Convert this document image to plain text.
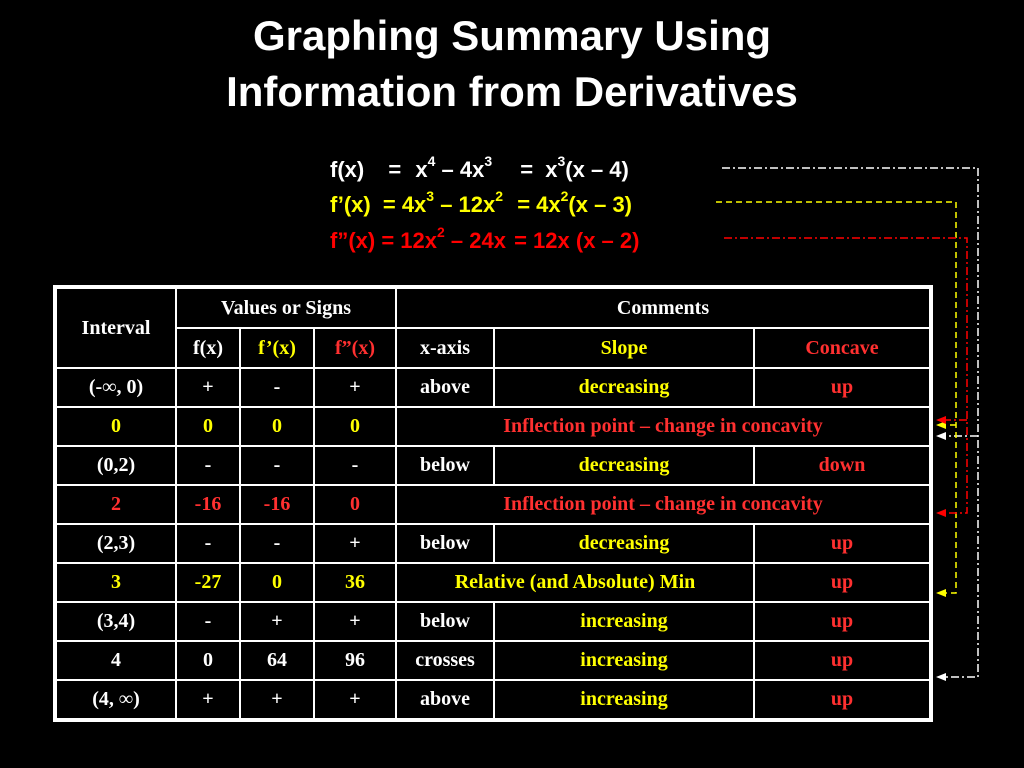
Graphing Summary Using
Information from Derivatives
$f(x) = x^4 - 4x^3 = x^3(x - 4)$
f’(x) = $4x^3 - 12x^2 = 4x^2(x - 3)$
f”(x) = $12x^2 - 24x = 12x$ (x – 2)
Interval	Values or Signs			Comments		
	f(x)	f’(x)	f”(x)	x-axis	Slope	Concave
(-∞, 0)	+	-	+	above	decreasing	up
0	0	0	0	Inflection point – change in concavity		
(0,2)	-	-	-	below	decreasing	down
2	-16	-16	0	Inflection point – change in concavity		
(2,3)	-	-	+	below	decreasing	up
3	-27	0	36	Relative (and Absolute) Min		up
(3,4)	-	+	+	below	increasing	up
4	0	64	96	crosses	increasing	up
(4, ∞)	+	+	+	above	increasing	up
